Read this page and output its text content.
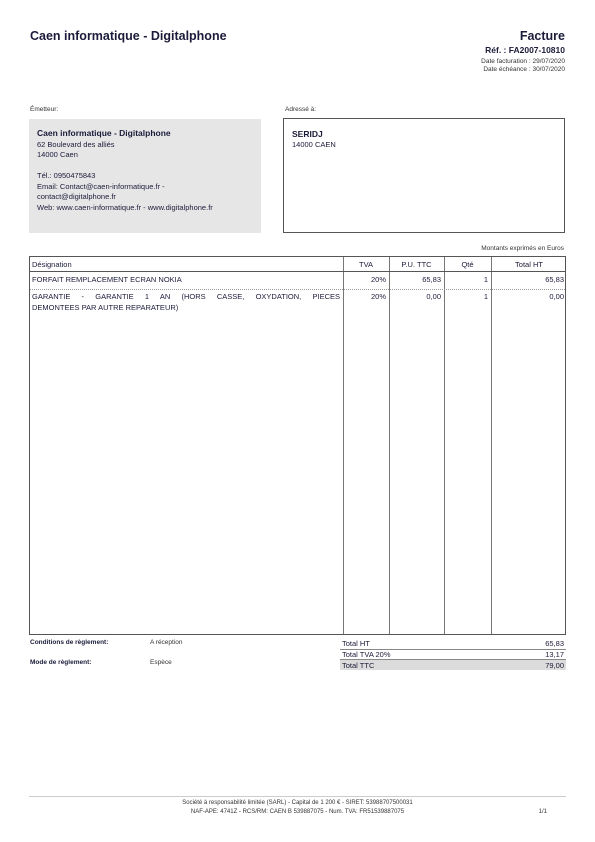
Caen informatique - Digitalphone	Facture
Réf. : FA2007-10810
Date facturation : 29/07/2020
Date échéance : 30/07/2020
Émetteur:
Caen informatique - Digitalphone
62 Boulevard des alliés
14000 Caen
Tél.: 0950475843
Email: Contact@caen-informatique.fr -
contact@digitalphone.fr
Web: www.caen-informatique.fr - www.digitalphone.fr
Adressé à:
SERIDJ
14000 CAEN
Montants exprimés en Euros
Désignation	TVA	P.U. TTC	Qté	Total HT
FORFAIT REMPLACEMENT ECRAN NOKIA	20%	65,83	1	65,83
GARANTIE - GARANTIE 1 AN (HORS CASSE, OXYDATION, PIECES
DEMONTEES PAR AUTRE REPARATEUR)
20%	0,00	1	0,00
Conditions de règlement:	A réception
Mode de règlement:	Espèce
Total HT	65,83
Total TVA 20%	13,17
Total TTC	79,00
Société à responsabilité limitée (SARL) - Capital de 1 200 € - SIRET: 53988707500031
NAF-APE: 4741Z - RCS/RM: CAEN B 539887075 - Num. TVA: FR51539887075	1/1
